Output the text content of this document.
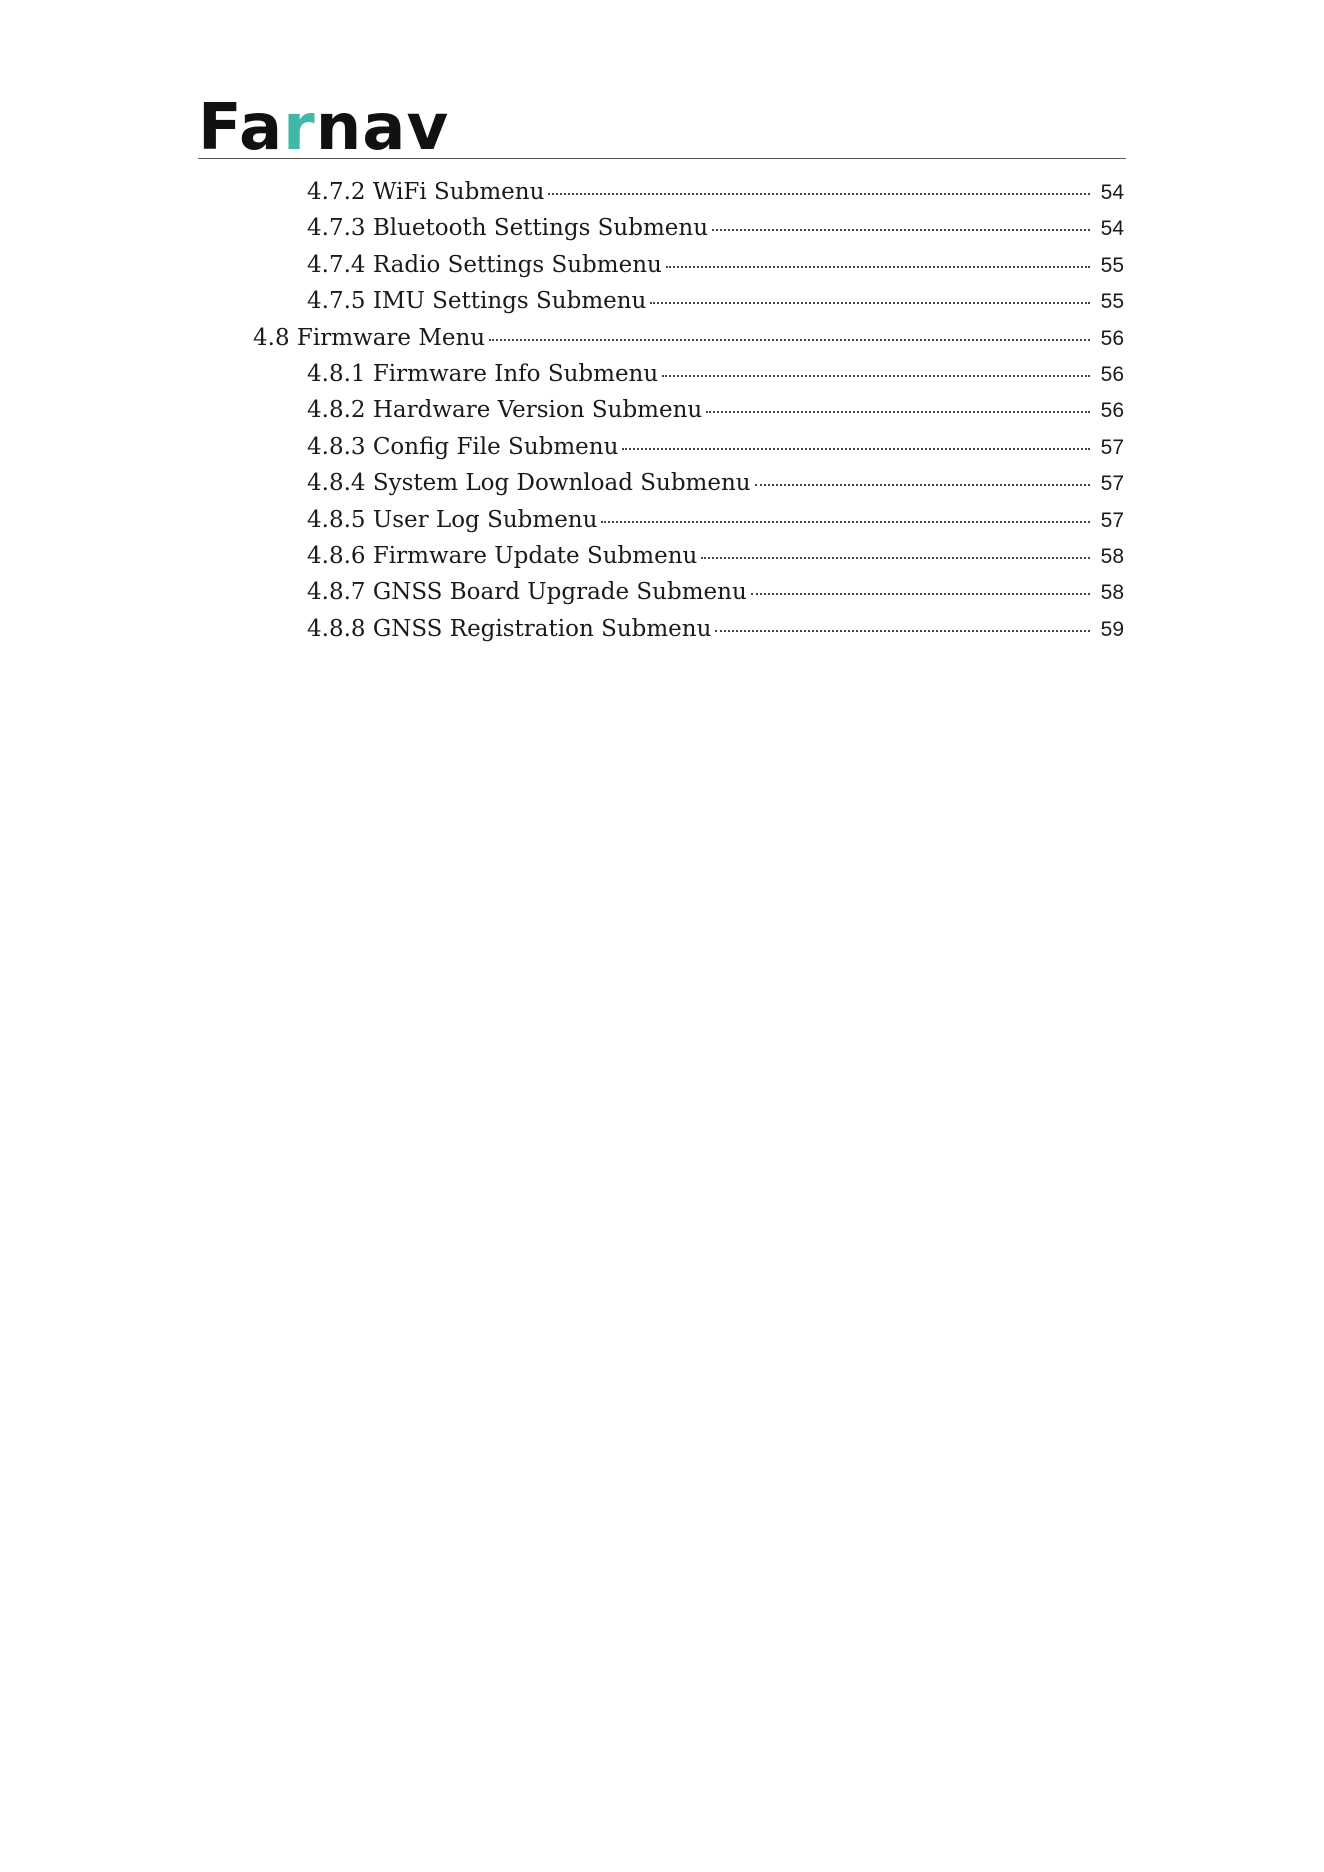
Fa r nav
4.7.2 WiFi Submenu	54
4.7.3 Bluetooth Settings Submenu	54
4.7.4 Radio Settings Submenu	55
4.7.5 IMU Settings Submenu	55
4.8 Firmware Menu	56
4.8.1 Firmware Info Submenu	56
4.8.2 Hardware Version Submenu	56
4.8.3 Config File Submenu	57
4.8.4 System Log Download Submenu	57
4.8.5 User Log Submenu	57
4.8.6 Firmware Update Submenu	58
4.8.7 GNSS Board Upgrade Submenu	58
4.8.8 GNSS Registration Submenu	59
